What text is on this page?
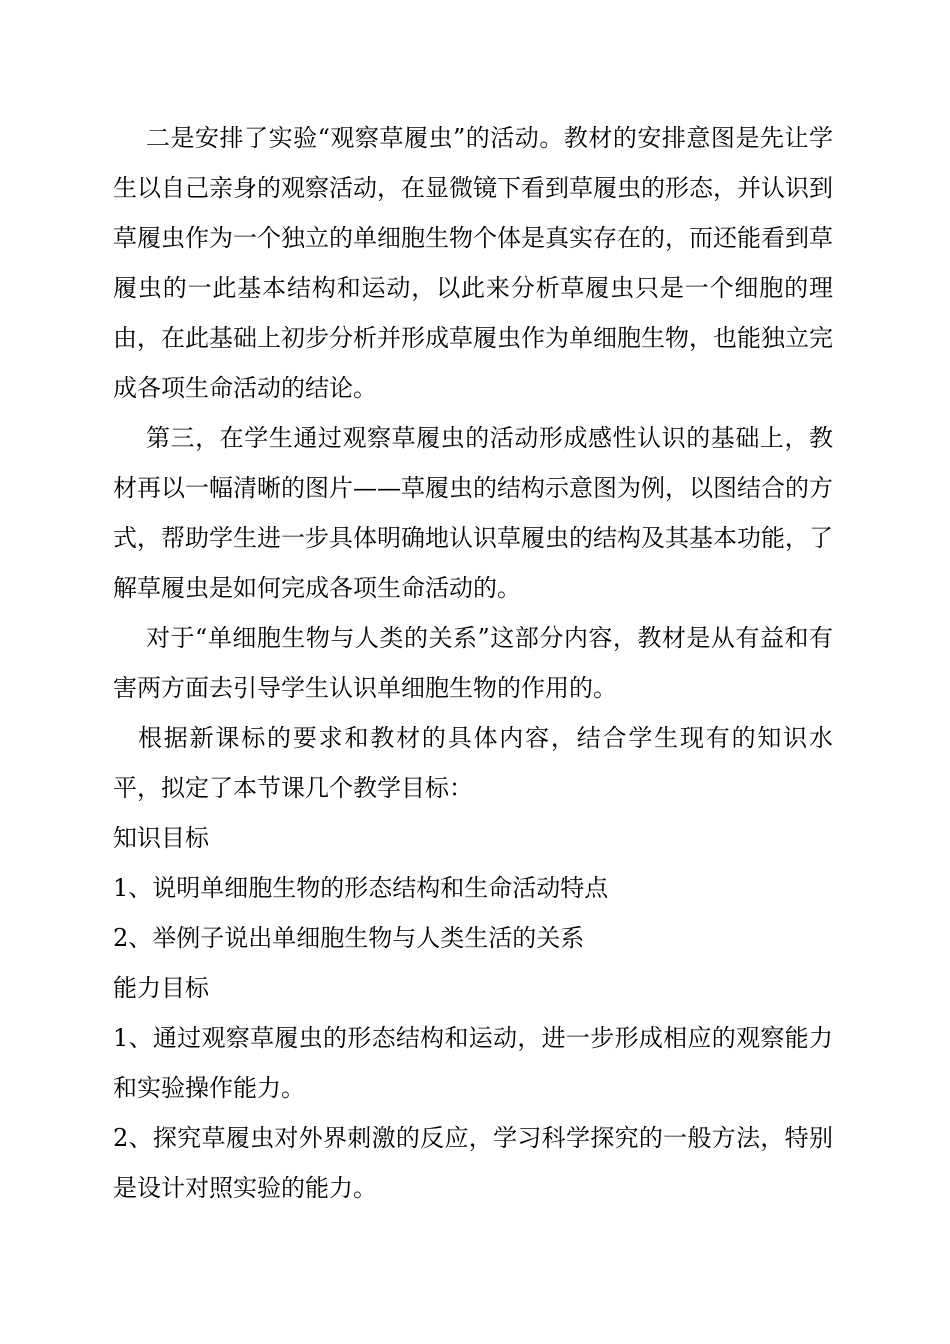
二是安排了实验“观察草履虫”的活动。教材的安排意图是先让学生以自己亲身的观察活动，在显微镜下看到草履虫的形态，并认识到草履虫作为一个独立的单细胞生物个体是真实存在的，而还能看到草履虫的一此基本结构和运动，以此来分析草履虫只是一个细胞的理由，在此基础上初步分析并形成草履虫作为单细胞生物，也能独立完成各项生命活动的结论。

第三，在学生通过观察草履虫的活动形成感性认识的基础上，教材再以一幅清晰的图片——草履虫的结构示意图为例，以图结合的方式，帮助学生进一步具体明确地认识草履虫的结构及其基本功能，了解草履虫是如何完成各项生命活动的。

对于“单细胞生物与人类的关系”这部分内容，教材是从有益和有害两方面去引导学生认识单细胞生物的作用的。

根据新课标的要求和教材的具体内容，结合学生现有的知识水平，拟定了本节课几个教学目标：

知识目标
1、说明单细胞生物的形态结构和生命活动特点
2、举例子说出单细胞生物与人类生活的关系
能力目标

1、通过观察草履虫的形态结构和运动，进一步形成相应的观察能力和实验操作能力。

2、探究草履虫对外界刺激的反应，学习科学探究的一般方法，特别是设计对照实验的能力。
